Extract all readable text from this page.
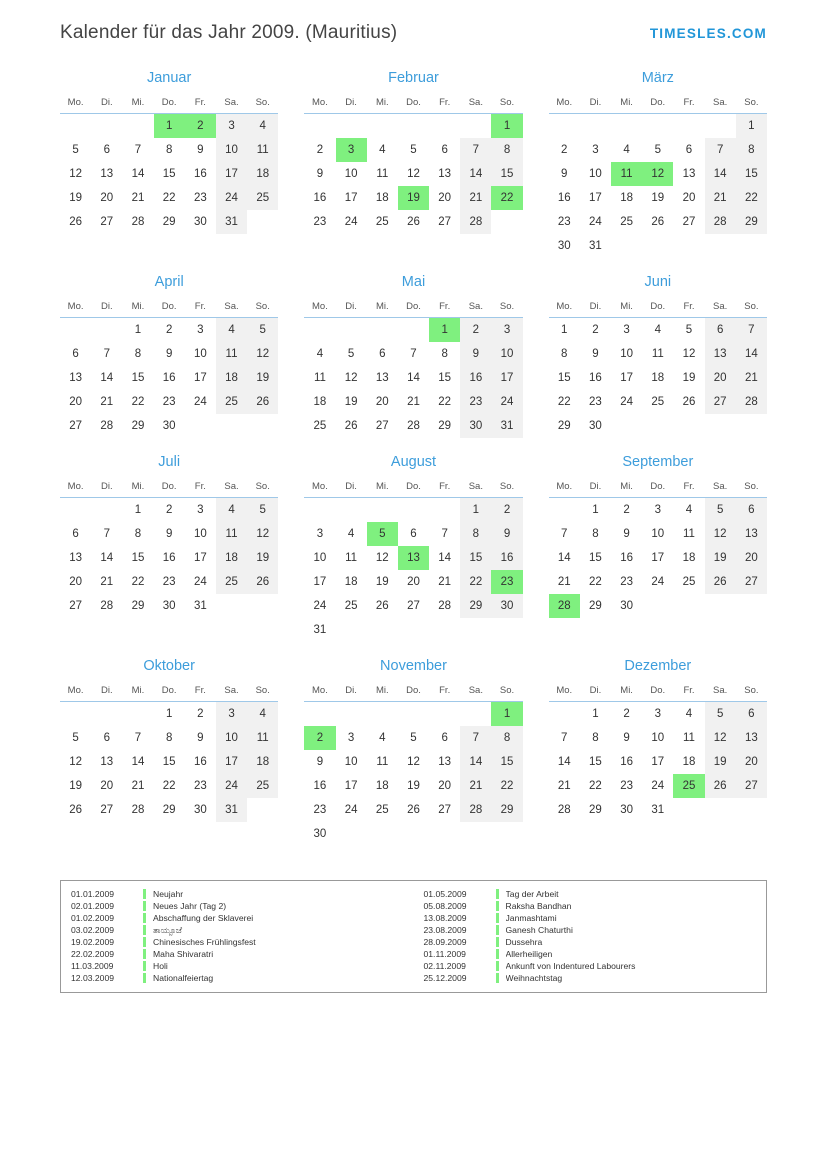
Kalender für das Jahr 2009. (Mauritius)	TIMESLES.COM
Januar
Mo.	Di.	Mi.	Do.	Fr.	Sa.	So.
			1	2	3	4
5	6	7	8	9	10	11
12	13	14	15	16	17	18
19	20	21	22	23	24	25
26	27	28	29	30	31	
Februar
Mo.	Di.	Mi.	Do.	Fr.	Sa.	So.
						1
2	3	4	5	6	7	8
9	10	11	12	13	14	15
16	17	18	19	20	21	22
23	24	25	26	27	28	
März
Mo.	Di.	Mi.	Do.	Fr.	Sa.	So.
						1
2	3	4	5	6	7	8
9	10	11	12	13	14	15
16	17	18	19	20	21	22
23	24	25	26	27	28	29
30	31					
April
Mo.	Di.	Mi.	Do.	Fr.	Sa.	So.
		1	2	3	4	5
6	7	8	9	10	11	12
13	14	15	16	17	18	19
20	21	22	23	24	25	26
27	28	29	30			
Mai
Mo.	Di.	Mi.	Do.	Fr.	Sa.	So.
				1	2	3
4	5	6	7	8	9	10
11	12	13	14	15	16	17
18	19	20	21	22	23	24
25	26	27	28	29	30	31
Juni
Mo.	Di.	Mi.	Do.	Fr.	Sa.	So.
1	2	3	4	5	6	7
8	9	10	11	12	13	14
15	16	17	18	19	20	21
22	23	24	25	26	27	28
29	30					
Juli
Mo.	Di.	Mi.	Do.	Fr.	Sa.	So.
		1	2	3	4	5
6	7	8	9	10	11	12
13	14	15	16	17	18	19
20	21	22	23	24	25	26
27	28	29	30	31		
August
Mo.	Di.	Mi.	Do.	Fr.	Sa.	So.
					1	2
3	4	5	6	7	8	9
10	11	12	13	14	15	16
17	18	19	20	21	22	23
24	25	26	27	28	29	30
31						
September
Mo.	Di.	Mi.	Do.	Fr.	Sa.	So.
	1	2	3	4	5	6
7	8	9	10	11	12	13
14	15	16	17	18	19	20
21	22	23	24	25	26	27
28	29	30				
Oktober
Mo.	Di.	Mi.	Do.	Fr.	Sa.	So.
			1	2	3	4
5	6	7	8	9	10	11
12	13	14	15	16	17	18
19	20	21	22	23	24	25
26	27	28	29	30	31	
November
Mo.	Di.	Mi.	Do.	Fr.	Sa.	So.
						1
2	3	4	5	6	7	8
9	10	11	12	13	14	15
16	17	18	19	20	21	22
23	24	25	26	27	28	29
30						
Dezember
Mo.	Di.	Mi.	Do.	Fr.	Sa.	So.
	1	2	3	4	5	6
7	8	9	10	11	12	13
14	15	16	17	18	19	20
21	22	23	24	25	26	27
28	29	30	31			
01.01.2009	Neujahr
02.01.2009	Neues Jahr (Tag 2)
01.02.2009	Abschaffung der Sklaverei
03.02.2009	ತಾಯ್ಪೂಜೆ
19.02.2009	Chinesisches Frühlingsfest
22.02.2009	Maha Shivaratri
11.03.2009	Holi
12.03.2009	Nationalfeiertag
01.05.2009	Tag der Arbeit
05.08.2009	Raksha Bandhan
13.08.2009	Janmashtami
23.08.2009	Ganesh Chaturthi
28.09.2009	Dussehra
01.11.2009	Allerheiligen
02.11.2009	Ankunft von Indentured Labourers
25.12.2009	Weihnachtstag
